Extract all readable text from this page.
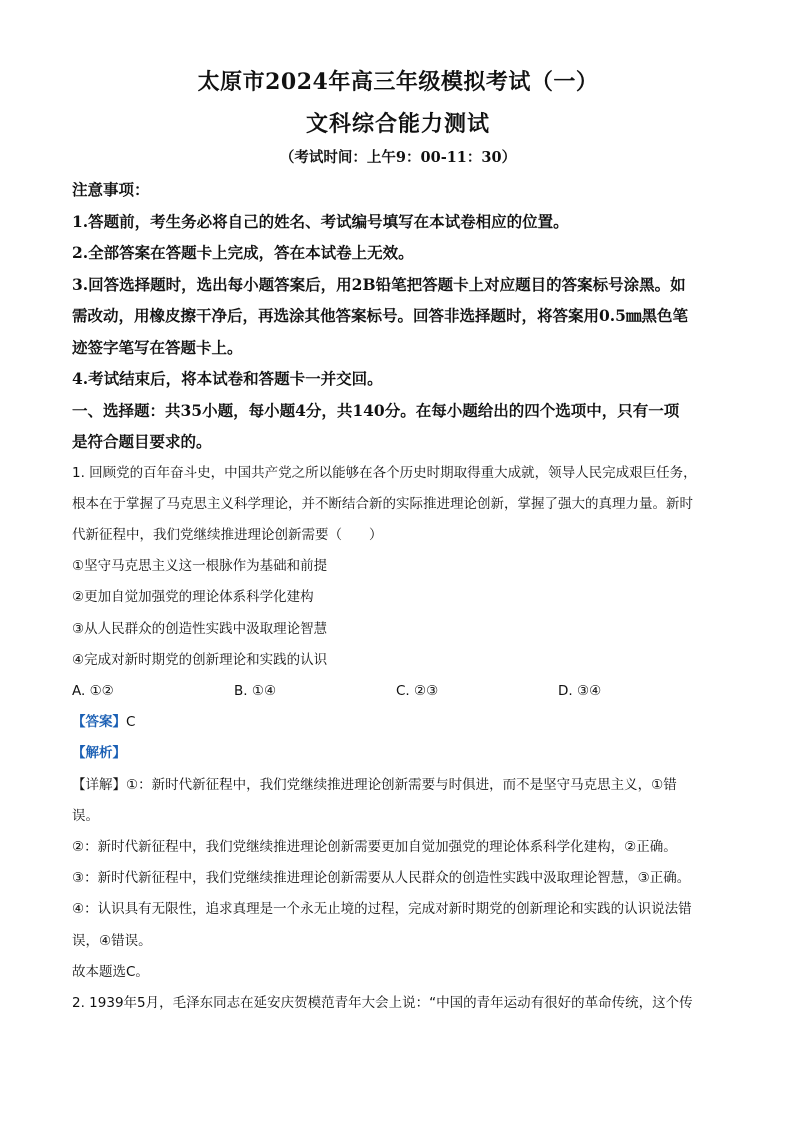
太原市2024年高三年级模拟考试（一）

文科综合能力测试

（考试时间：上午9：00-11：30）

注意事项：

1.答题前，考生务必将自己的姓名、考试编号填写在本试卷相应的位置。

2.全部答案在答题卡上完成，答在本试卷上无效。

3.回答选择题时，选出每小题答案后，用2B铅笔把答题卡上对应题目的答案标号涂黑。如

需改动，用橡皮擦干净后，再选涂其他答案标号。回答非选择题时，将答案用0.5㎜黑色笔

迹签字笔写在答题卡上。

4.考试结束后，将本试卷和答题卡一并交回。

一、选择题：共35小题，每小题4分，共140分。在每小题给出的四个选项中，只有一项

是符合题目要求的。

1. 回顾党的百年奋斗史，中国共产党之所以能够在各个历史时期取得重大成就，领导人民完成艰巨任务，

根本在于掌握了马克思主义科学理论，并不断结合新的实际推进理论创新，掌握了强大的真理力量。新时

代新征程中，我们党继续推进理论创新需要（　　）

①坚守马克思主义这一根脉作为基础和前提

②更加自觉加强党的理论体系科学化建构

③从人民群众的创造性实践中汲取理论智慧

④完成对新时期党的创新理论和实践的认识

A. ①②	B. ①④	C. ②③	D. ③④

【答案】C

【解析】

【详解】①：新时代新征程中，我们党继续推进理论创新需要与时俱进，而不是坚守马克思主义，①错

误。

②：新时代新征程中，我们党继续推进理论创新需要更加自觉加强党的理论体系科学化建构，②正确。

③：新时代新征程中，我们党继续推进理论创新需要从人民群众的创造性实践中汲取理论智慧，③正确。

④：认识具有无限性，追求真理是一个永无止境的过程，完成对新时期党的创新理论和实践的认识说法错

误，④错误。

故本题选C。

2. 1939年5月，毛泽东同志在延安庆贺模范青年大会上说：“中国的青年运动有很好的革命传统，这个传
